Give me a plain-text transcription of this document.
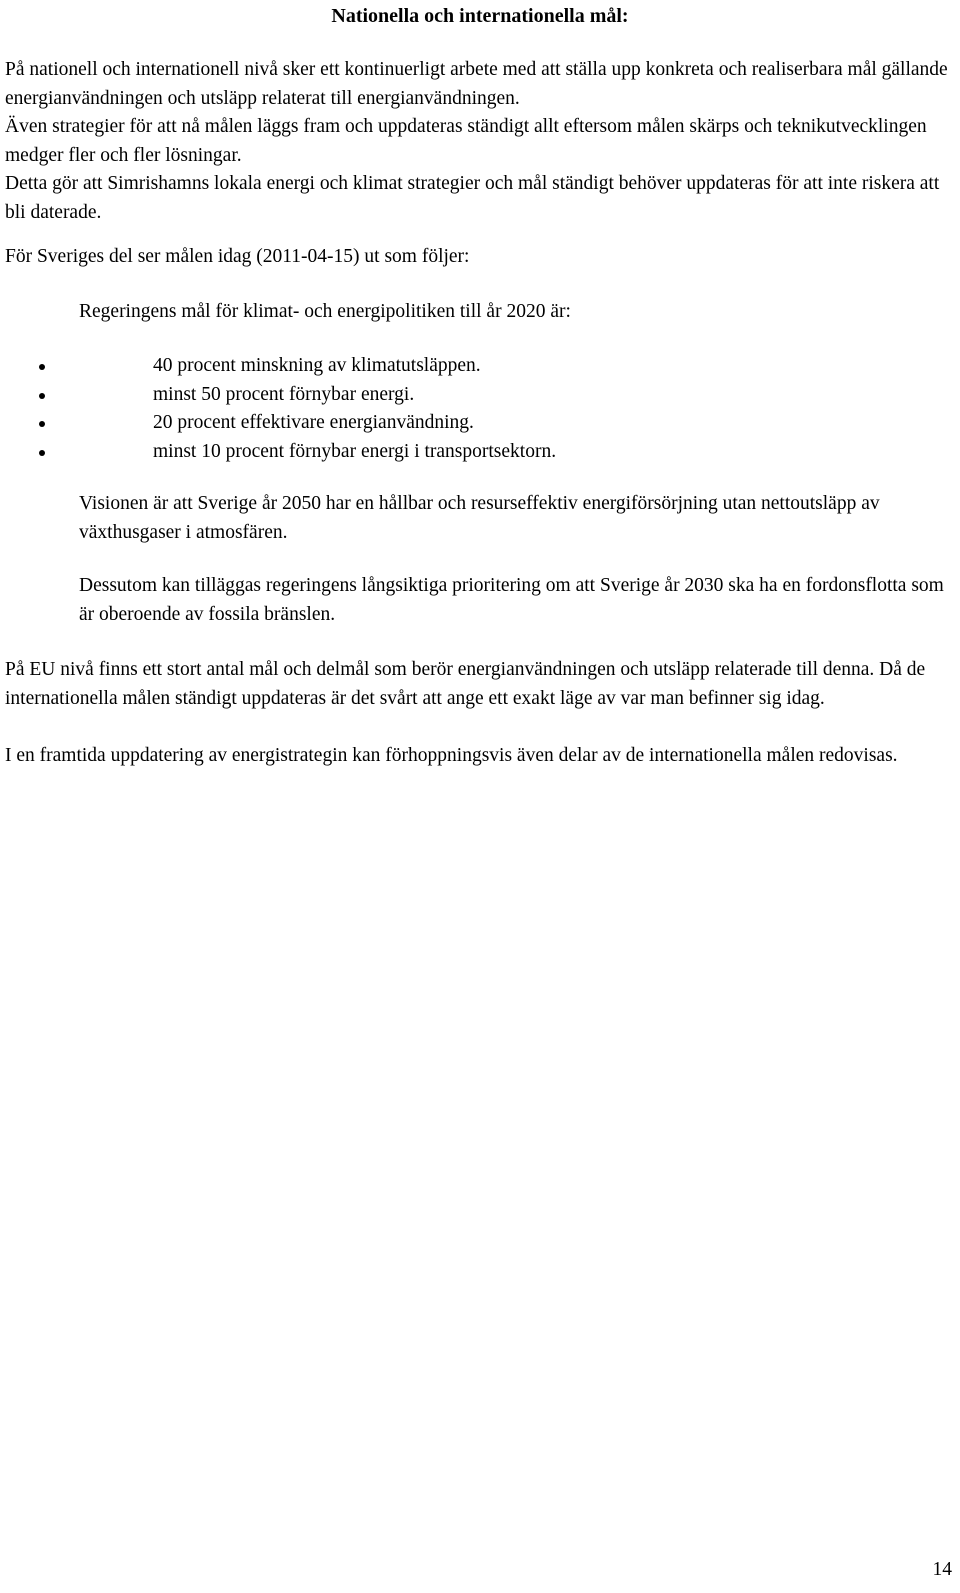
Nationella och internationella mål:

På nationell och internationell nivå sker ett kontinuerligt arbete med att ställa upp konkreta och realiserbara mål gällande energianvändningen och utsläpp relaterat till energianvändningen.

Även strategier för att nå målen läggs fram och uppdateras ständigt allt eftersom målen skärps och teknikutvecklingen medger fler och fler lösningar.

Detta gör att Simrishamns lokala energi och klimat strategier och mål ständigt behöver uppdateras för att inte riskera att bli daterade.

För Sveriges del ser målen idag (2011-04-15) ut som följer:

Regeringens mål för klimat- och energipolitiken till år 2020 är:

40 procent minskning av klimatutsläppen.
minst 50 procent förnybar energi.
20 procent effektivare energianvändning.
minst 10 procent förnybar energi i transportsektorn.

Visionen är att Sverige år 2050 har en hållbar och resurseffektiv energiförsörjning utan nettoutsläpp av växthusgaser i atmosfären.

Dessutom kan tilläggas regeringens långsiktiga prioritering om att Sverige år 2030 ska ha en fordonsflotta som är oberoende av fossila bränslen.

På EU nivå finns ett stort antal mål och delmål som berör energianvändningen och utsläpp relaterade till denna. Då de internationella målen ständigt uppdateras är det svårt att ange ett exakt läge av var man befinner sig idag.

I en framtida uppdatering av energistrategin kan förhoppningsvis även delar av de internationella målen redovisas.

14
